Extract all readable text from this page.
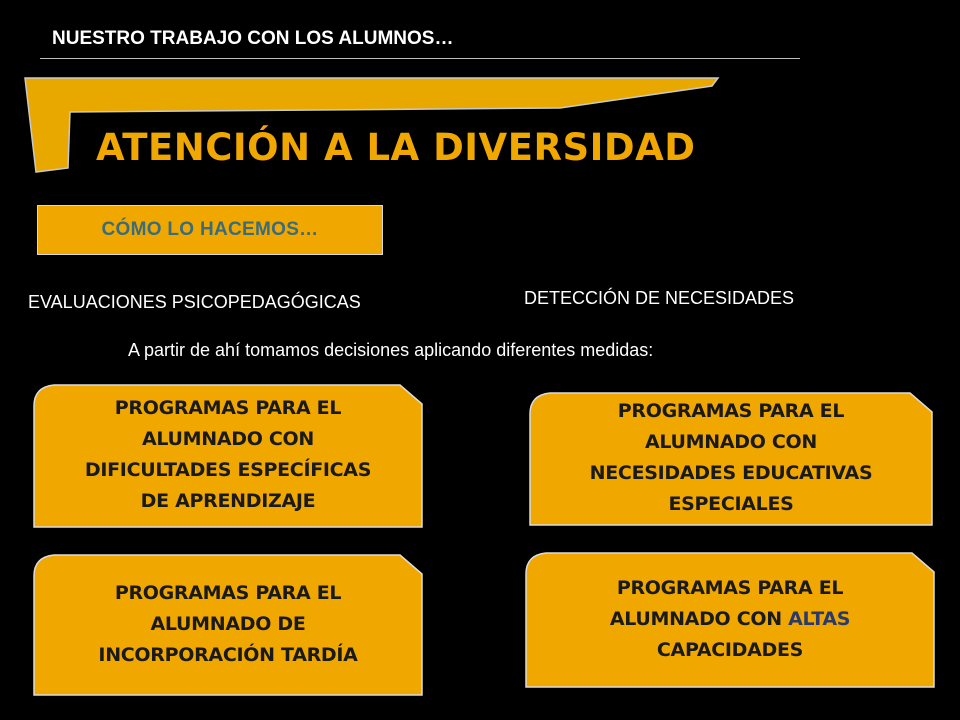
NUESTRO TRABAJO CON LOS ALUMNOS…
ATENCIÓN A LA DIVERSIDAD
CÓMO LO HACEMOS…
EVALUACIONES PSICOPEDAGÓGICAS	DETECCIÓN DE NECESIDADES
A partir de ahí tomamos decisiones aplicando diferentes medidas:
PROGRAMAS PARA EL
ALUMNADO CON
DIFICULTADES ESPECÍFICAS
DE APRENDIZAJE
PROGRAMAS PARA EL
ALUMNADO CON
NECESIDADES EDUCATIVAS
ESPECIALES
PROGRAMAS PARA EL
ALUMNADO DE
INCORPORACIÓN TARDÍA
PROGRAMAS PARA EL
ALUMNADO CON ALTAS
CAPACIDADES
